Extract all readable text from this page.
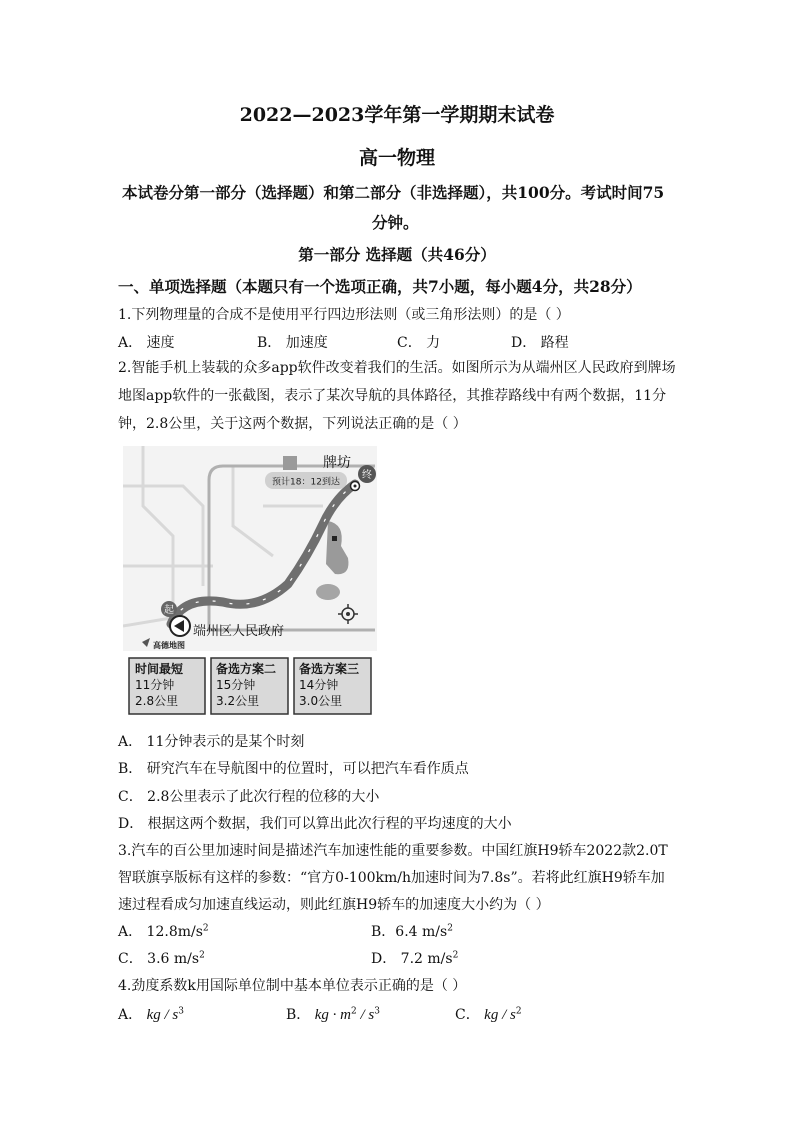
2022—2023学年第一学期期末试卷
高一物理
本试卷分第一部分（选择题）和第二部分（非选择题），共100分。考试时间75
分钟。
第一部分 选择题（共46分）
一、单项选择题（本题只有一个选项正确，共7小题，每小题4分，共28分）
1.下列物理量的合成不是使用平行四边形法则（或三角形法则）的是（ ）
A． 速度	B． 加速度	C． 力	D． 路程
2.智能手机上装载的众多app软件改变着我们的生活。如图所示为从端州区人民政府到牌场
地图app软件的一张截图，表示了某次导航的具体路径，其推荐路线中有两个数据，11分
钟，2.8公里，关于这两个数据，下列说法正确的是（ ）
预计18：12到达
牌坊
终
起
端州区人民政府
高德地图
时间最短
11分钟
2.8公里
备选方案二
15分钟
3.2公里
备选方案三
14分钟
3.0公里
A． 11分钟表示的是某个时刻
B． 研究汽车在导航图中的位置时，可以把汽车看作质点
C． 2.8公里表示了此次行程的位移的大小
D． 根据这两个数据，我们可以算出此次行程的平均速度的大小
3.汽车的百公里加速时间是描述汽车加速性能的重要参数。中国红旗H9轿车2022款2.0T
智联旗享版标有这样的参数：“官方0-100km/h加速时间为7.8s”。若将此红旗H9轿车加
速过程看成匀加速直线运动，则此红旗H9轿车的加速度大小约为（ ）
A． $12.8m/s^2$	B．6.4 $m/s^2$
C． 3.6 $m/s^2$	D． 7.2 $m/s^2$
4.劲度系数k用国际单位制中基本单位表示正确的是（ ）
A． kg / $s^3$	B． kg · $m^2 / s^3$	C． kg / $s^2$
